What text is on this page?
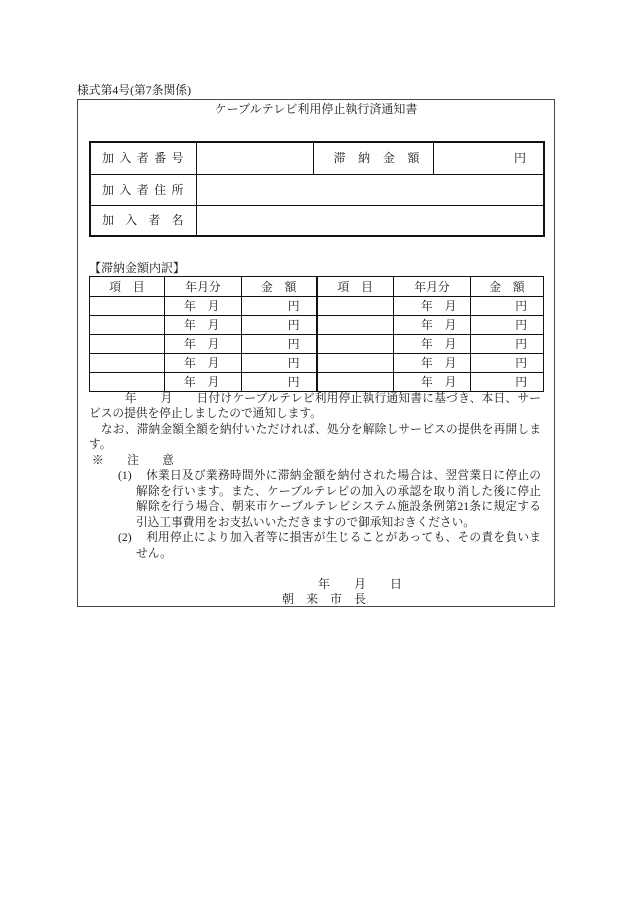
様式第4号(第7条関係)
ケーブルテレビ利用停止執行済通知書
加 入 者 番 号		滞 納 金 額	円
加 入 者 住 所			
加 入 者 名			
【滞納金額内訳】
項　目	年月分	金　額	項　目	年月分	金　額
	年　月	円		年　月	円
	年　月	円		年　月	円
	年　月	円		年　月	円
	年　月	円		年　月	円
	年　月	円		年　月	円
　　　年　　月　　日付けケーブルテレビ利用停止執行通知書に基づき、本日、サー
ビスの提供を停止しましたので通知します。
　なお、滞納金額全額を納付いただければ、処分を解除しサービスの提供を再開しま
す。
※　　注　　意
(1)	休業日及び業務時間外に滞納金額を納付された場合は、翌営業日に停止の
解除を行います。また、ケーブルテレビの加入の承認を取り消した後に停止
解除を行う場合、朝来市ケーブルテレビシステム施設条例第21条に規定する
引込工事費用をお支払いいただきますので御承知おきください。
(2)	利用停止により加入者等に損害が生じることがあっても、その責を負いま
せん。
年　　月　　日
朝　来　市　長
